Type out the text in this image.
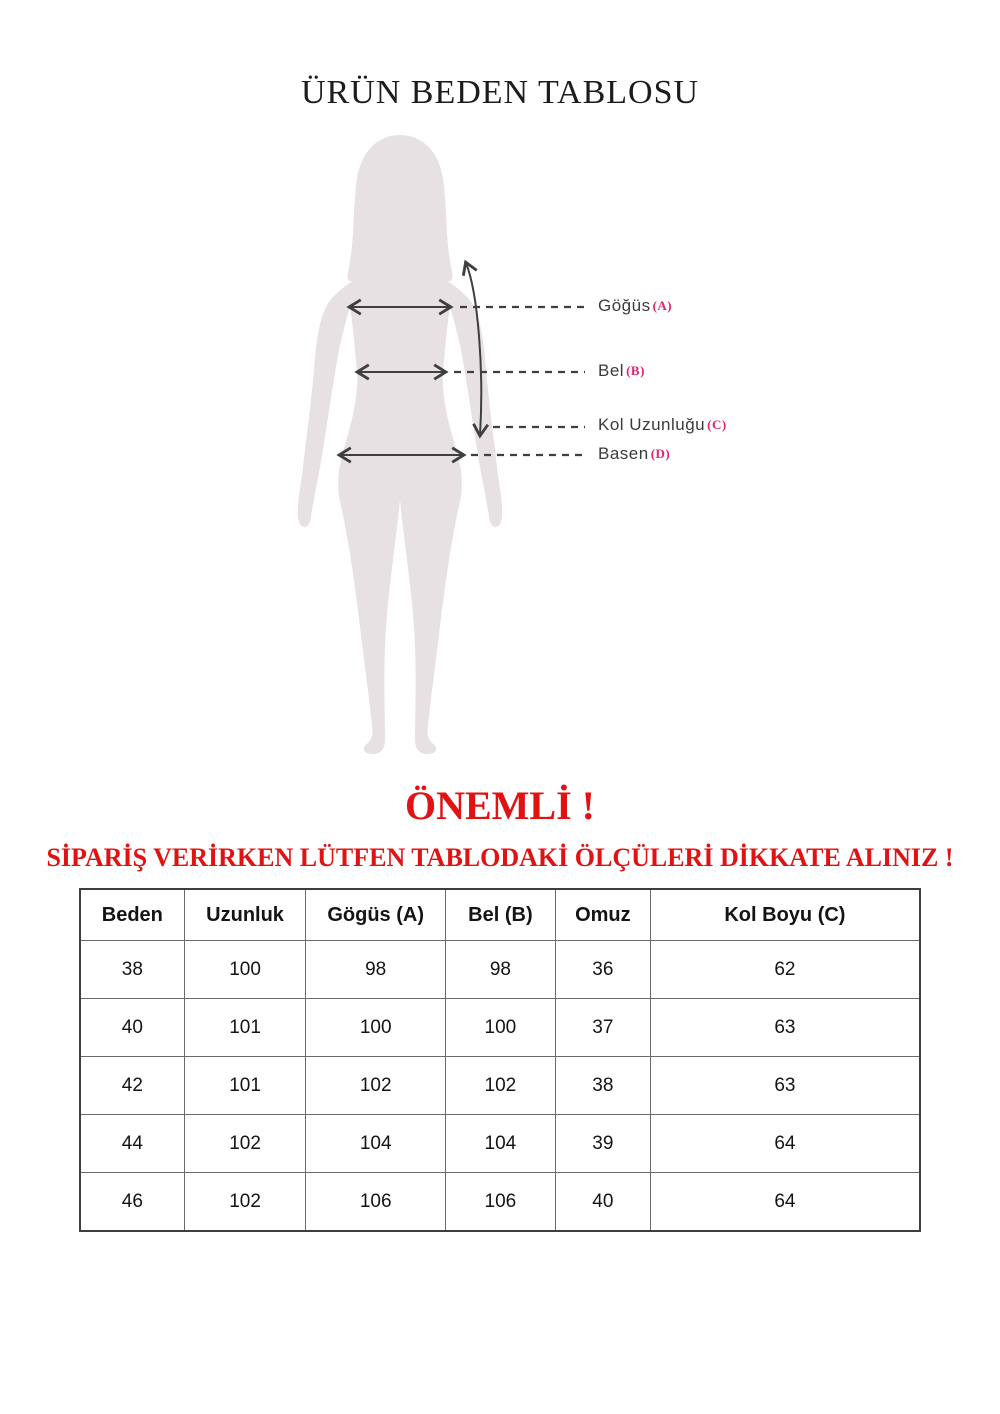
ÜRÜN BEDEN TABLOSU
Göğüs (A)
Bel (B)
Kol Uzunluğu (C)
Basen (D)
ÖNEMLİ !
SİPARİŞ VERİRKEN LÜTFEN TABLODAKİ ÖLÇÜLERİ DİKKATE ALINIZ !
Beden	Uzunluk	Gögüs (A)	Bel (B)	Omuz	Kol Boyu (C)
38	100	98	98	36	62
40	101	100	100	37	63
42	101	102	102	38	63
44	102	104	104	39	64
46	102	106	106	40	64
